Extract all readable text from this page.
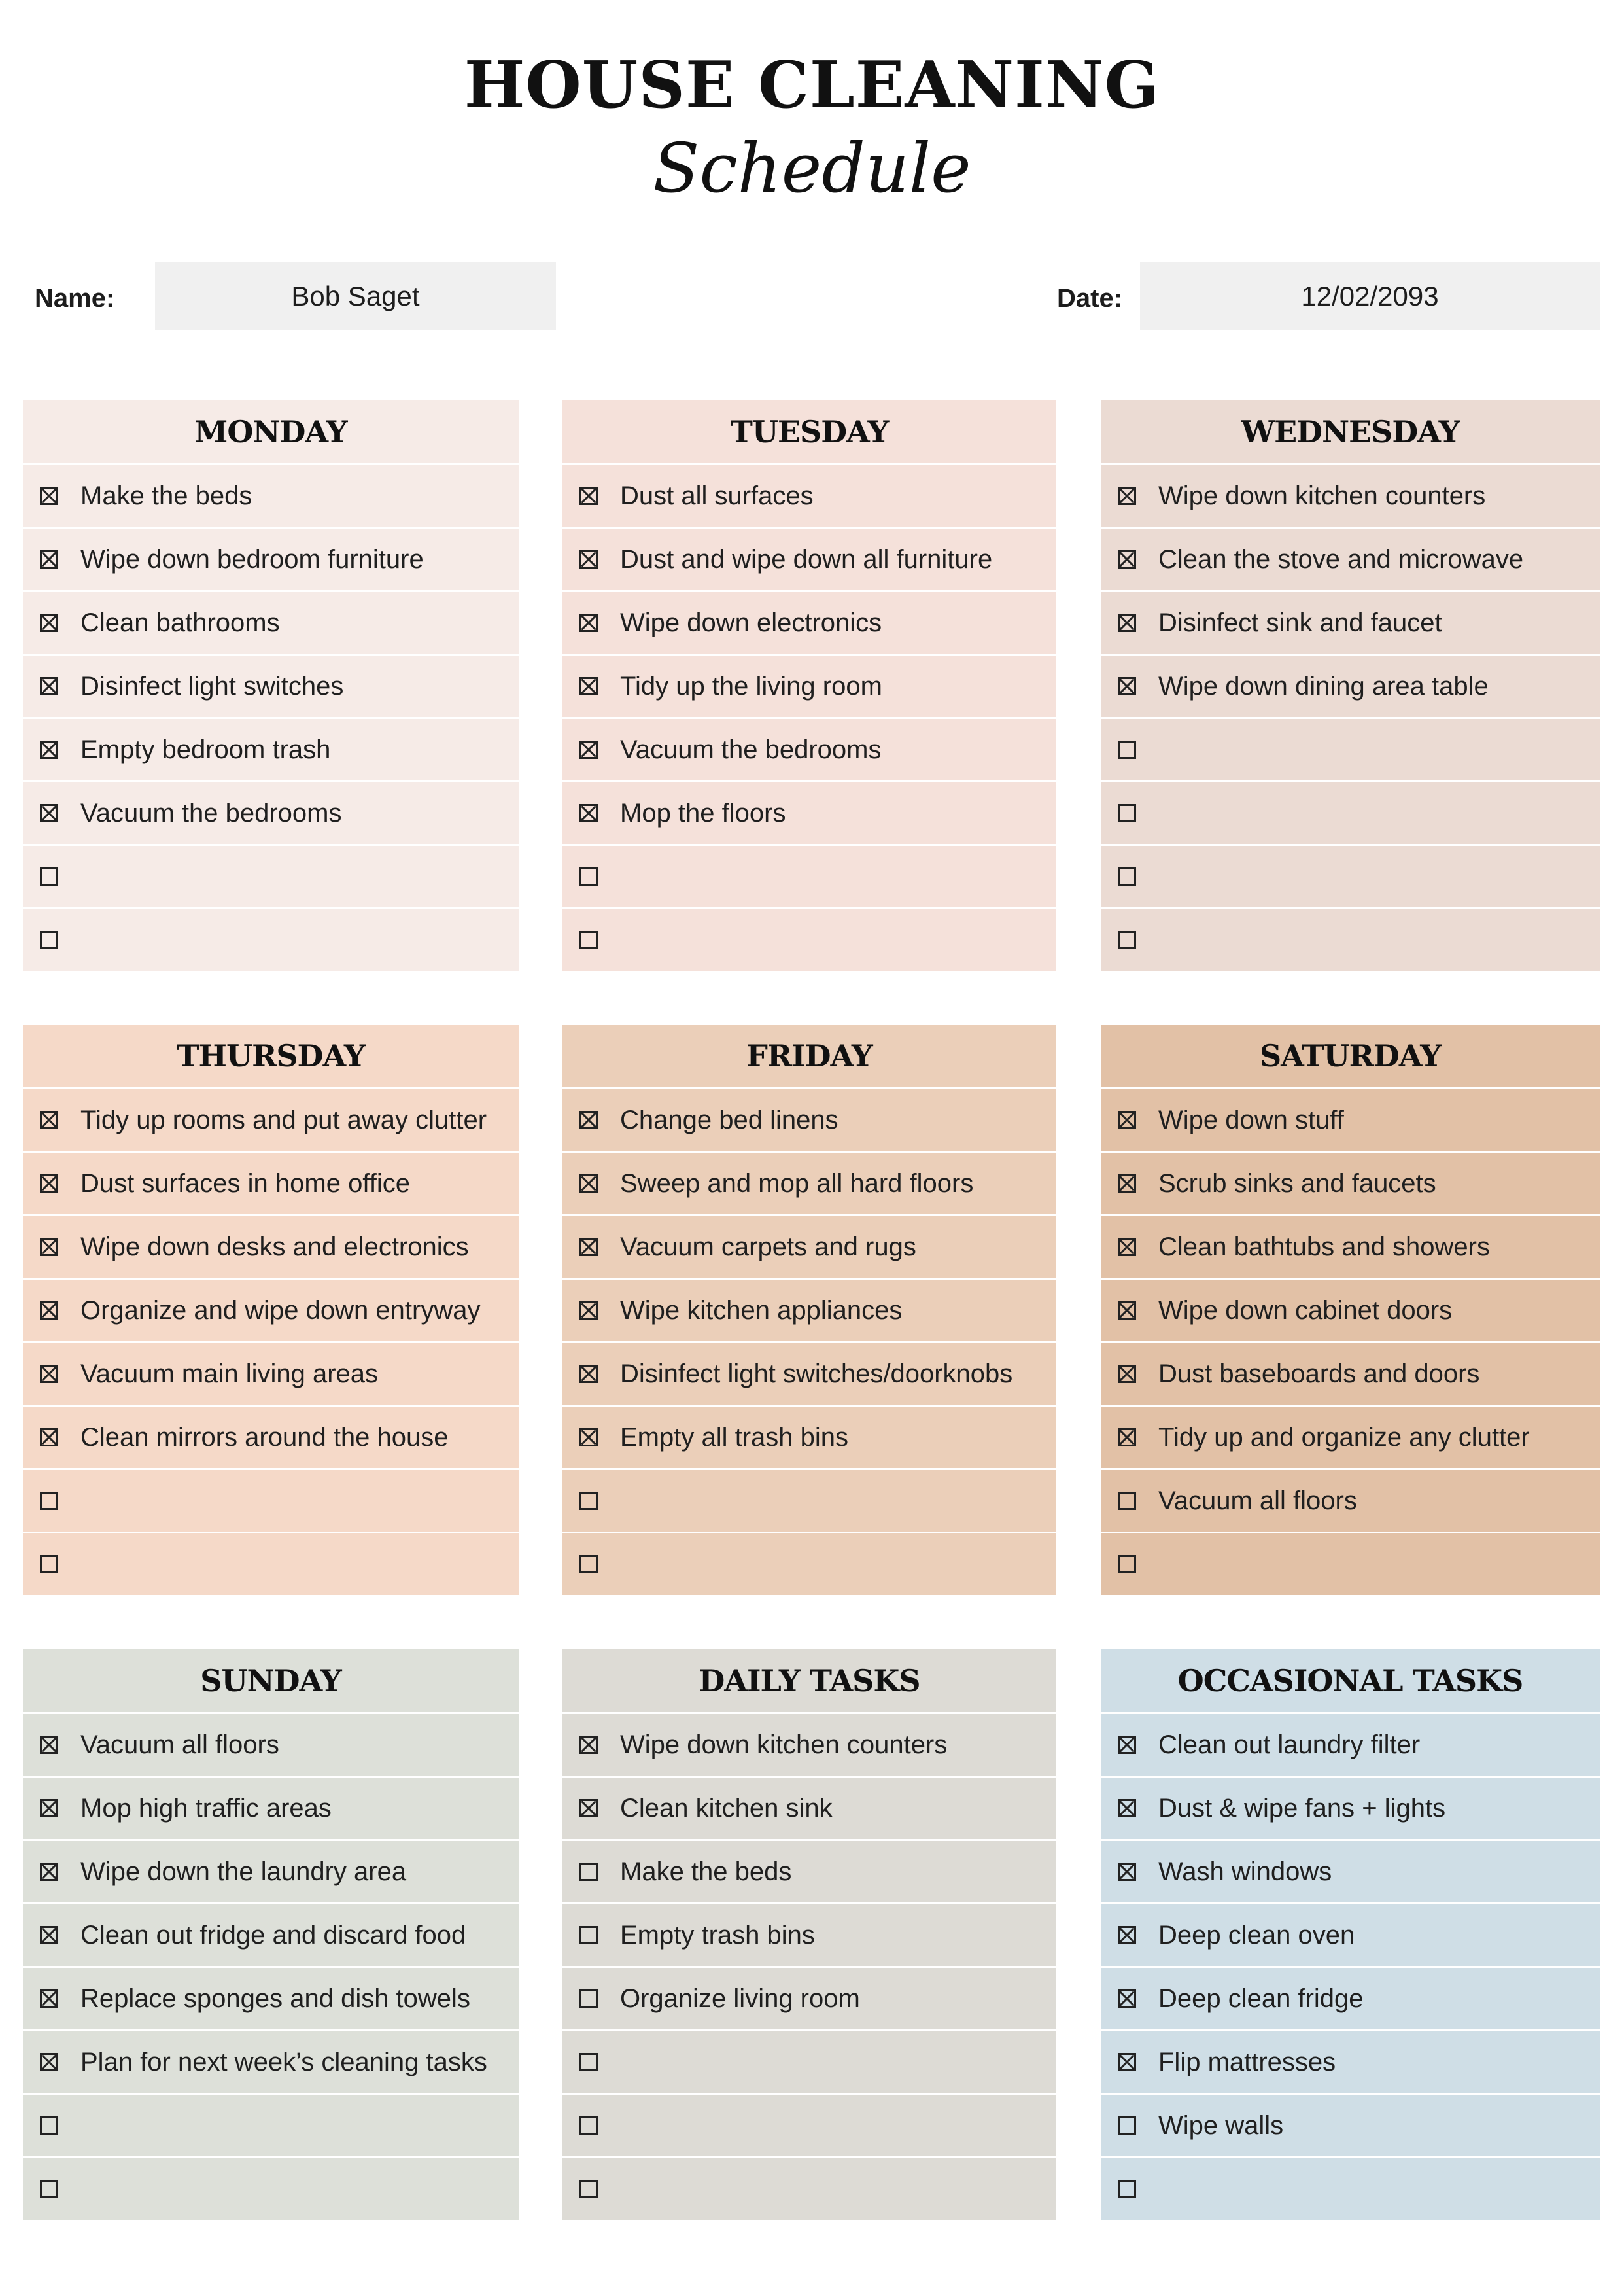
HOUSE CLEANING
Schedule
Name:	Bob Saget	Date:	12/02/2093
MONDAY
Make the beds
Wipe down bedroom furniture
Clean bathrooms
Disinfect light switches
Empty bedroom trash
Vacuum the bedrooms
TUESDAY
Dust all surfaces
Dust and wipe down all furniture
Wipe down electronics
Tidy up the living room
Vacuum the bedrooms
Mop the floors
WEDNESDAY
Wipe down kitchen counters
Clean the stove and microwave
Disinfect sink and faucet
Wipe down dining area table
THURSDAY
Tidy up rooms and put away clutter
Dust surfaces in home office
Wipe down desks and electronics
Organize and wipe down entryway
Vacuum main living areas
Clean mirrors around the house
FRIDAY
Change bed linens
Sweep and mop all hard floors
Vacuum carpets and rugs
Wipe kitchen appliances
Disinfect light switches/doorknobs
Empty all trash bins
SATURDAY
Wipe down stuff
Scrub sinks and faucets
Clean bathtubs and showers
Wipe down cabinet doors
Dust baseboards and doors
Tidy up and organize any clutter
Vacuum all floors
SUNDAY
Vacuum all floors
Mop high traffic areas
Wipe down the laundry area
Clean out fridge and discard food
Replace sponges and dish towels
Plan for next week’s cleaning tasks
DAILY TASKS
Wipe down kitchen counters
Clean kitchen sink
Make the beds
Empty trash bins
Organize living room
OCCASIONAL TASKS
Clean out laundry filter
Dust & wipe fans + lights
Wash windows
Deep clean oven
Deep clean fridge
Flip mattresses
Wipe walls
